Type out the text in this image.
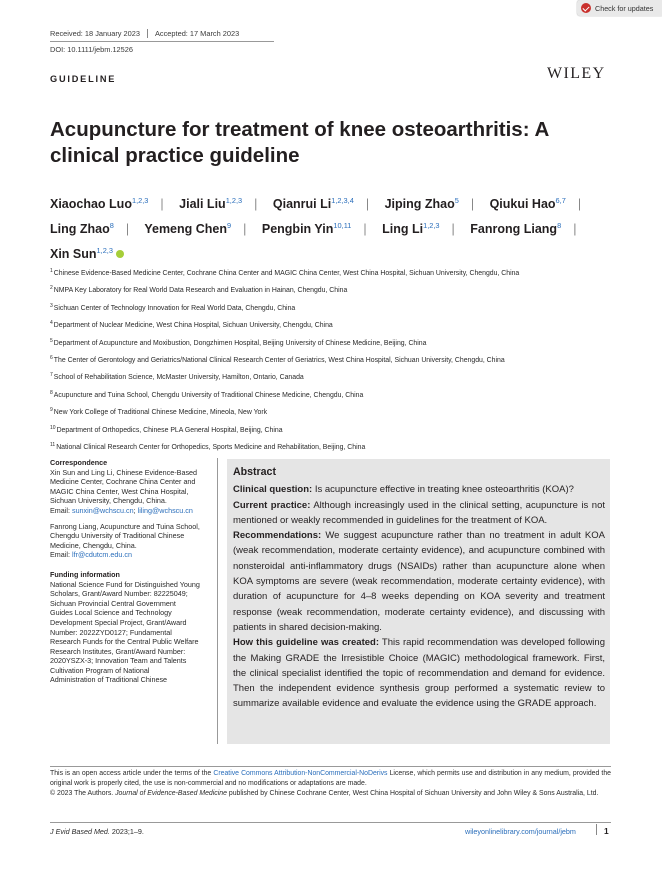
Check for updates
Received: 18 January 2023 Accepted: 17 March 2023
DOI: 10.1111/jebm.12526
GUIDELINE	WILEY
Acupuncture for treatment of knee osteoarthritis: A clinical practice guideline
Xiaochao Luo$^{1,2,3}$ | Jiali Liu$^{1,2,3}$ | Qianrui Li$^{1,2,3,4}$ | Jiping Zhao$^5$ | Qiukui Hao$^{6,7}$ |
Ling Zhao$^8$ | Yemeng Chen$^9$ | Pengbin Yin$^{10,11}$ | Ling Li$^{1,2,3}$ | Fanrong Liang$^8$ |
Xin Sun$^{1,2,3}$
$^1$Chinese Evidence-Based Medicine Center, Cochrane China Center and MAGIC China Center, West China Hospital, Sichuan University, Chengdu, China
$^2$NMPA Key Laboratory for Real World Data Research and Evaluation in Hainan, Chengdu, China
$^3$Sichuan Center of Technology Innovation for Real World Data, Chengdu, China
$^4$Department of Nuclear Medicine, West China Hospital, Sichuan University, Chengdu, China
$^5$Department of Acupuncture and Moxibustion, Dongzhimen Hospital, Beijing University of Chinese Medicine, Beijing, China
$^6$The Center of Gerontology and Geriatrics/National Clinical Research Center of Geriatrics, West China Hospital, Sichuan University, Chengdu, China
$^7$School of Rehabilitation Science, McMaster University, Hamilton, Ontario, Canada
$^8$Acupuncture and Tuina School, Chengdu University of Traditional Chinese Medicine, Chengdu, China
$^9$New York College of Traditional Chinese Medicine, Mineola, New York
$^{10}$Department of Orthopedics, Chinese PLA General Hospital, Beijing, China
$^{11}$National Clinical Research Center for Orthopedics, Sports Medicine and Rehabilitation, Beijing, China
Correspondence
Xin Sun and Ling Li, Chinese Evidence-Based
Medicine Center, Cochrane China Center and
MAGIC China Center, West China Hospital,
Sichuan University, Chengdu, China.
Email: sunxin@wchscu.cn; liling@wchscu.cn
Fanrong Liang, Acupuncture and Tuina School,
Chengdu University of Traditional Chinese
Medicine, Chengdu, China.
Email: lfr@cdutcm.edu.cn
Funding information
National Science Fund for Distinguished Young
Scholars, Grant/Award Number: 82225049;
Sichuan Provincial Central Government
Guides Local Science and Technology
Development Special Project, Grant/Award
Number: 2022ZYD0127; Fundamental
Research Funds for the Central Public Welfare
Research Institutes, Grant/Award Number:
2020YSZX-3; Innovation Team and Talents
Cultivation Program of National
Administration of Traditional Chinese
Abstract
Clinical question: Is acupuncture effective in treating knee osteoarthritis (KOA)?
Current practice: Although increasingly used in the clinical setting, acupuncture is not mentioned or weakly recommended in guidelines for the treatment of KOA.
Recommendations: We suggest acupuncture rather than no treatment in adult KOA (weak recommendation, moderate certainty evidence), and acupuncture combined with nonsteroidal anti-inflammatory drugs (NSAIDs) rather than acupuncture alone when KOA symptoms are severe (weak recommendation, moderate certainty evidence), with duration of acupuncture for 4–8 weeks depending on KOA severity and treatment response (weak recommendation, moderate certainty evidence), and discussing with patients in shared decision-making.
How this guideline was created: This rapid recommendation was developed following the Making GRADE the Irresistible Choice (MAGIC) methodological framework. First, the clinical specialist identified the topic of recommendation and demand for evidence. Then the independent evidence synthesis group performed a systematic review to summarize available evidence and evaluate the evidence using the GRADE approach.
This is an open access article under the terms of the Creative Commons Attribution-NonCommercial-NoDerivs License, which permits use and distribution in any medium, provided the original work is properly cited, the use is non-commercial and no modifications or adaptations are made.
© 2023 The Authors. Journal of Evidence-Based Medicine published by Chinese Cochrane Center, West China Hospital of Sichuan University and John Wiley & Sons Australia, Ltd.
J Evid Based Med. 2023;1–9.	wileyonlinelibrary.com/journal/jebm	1
